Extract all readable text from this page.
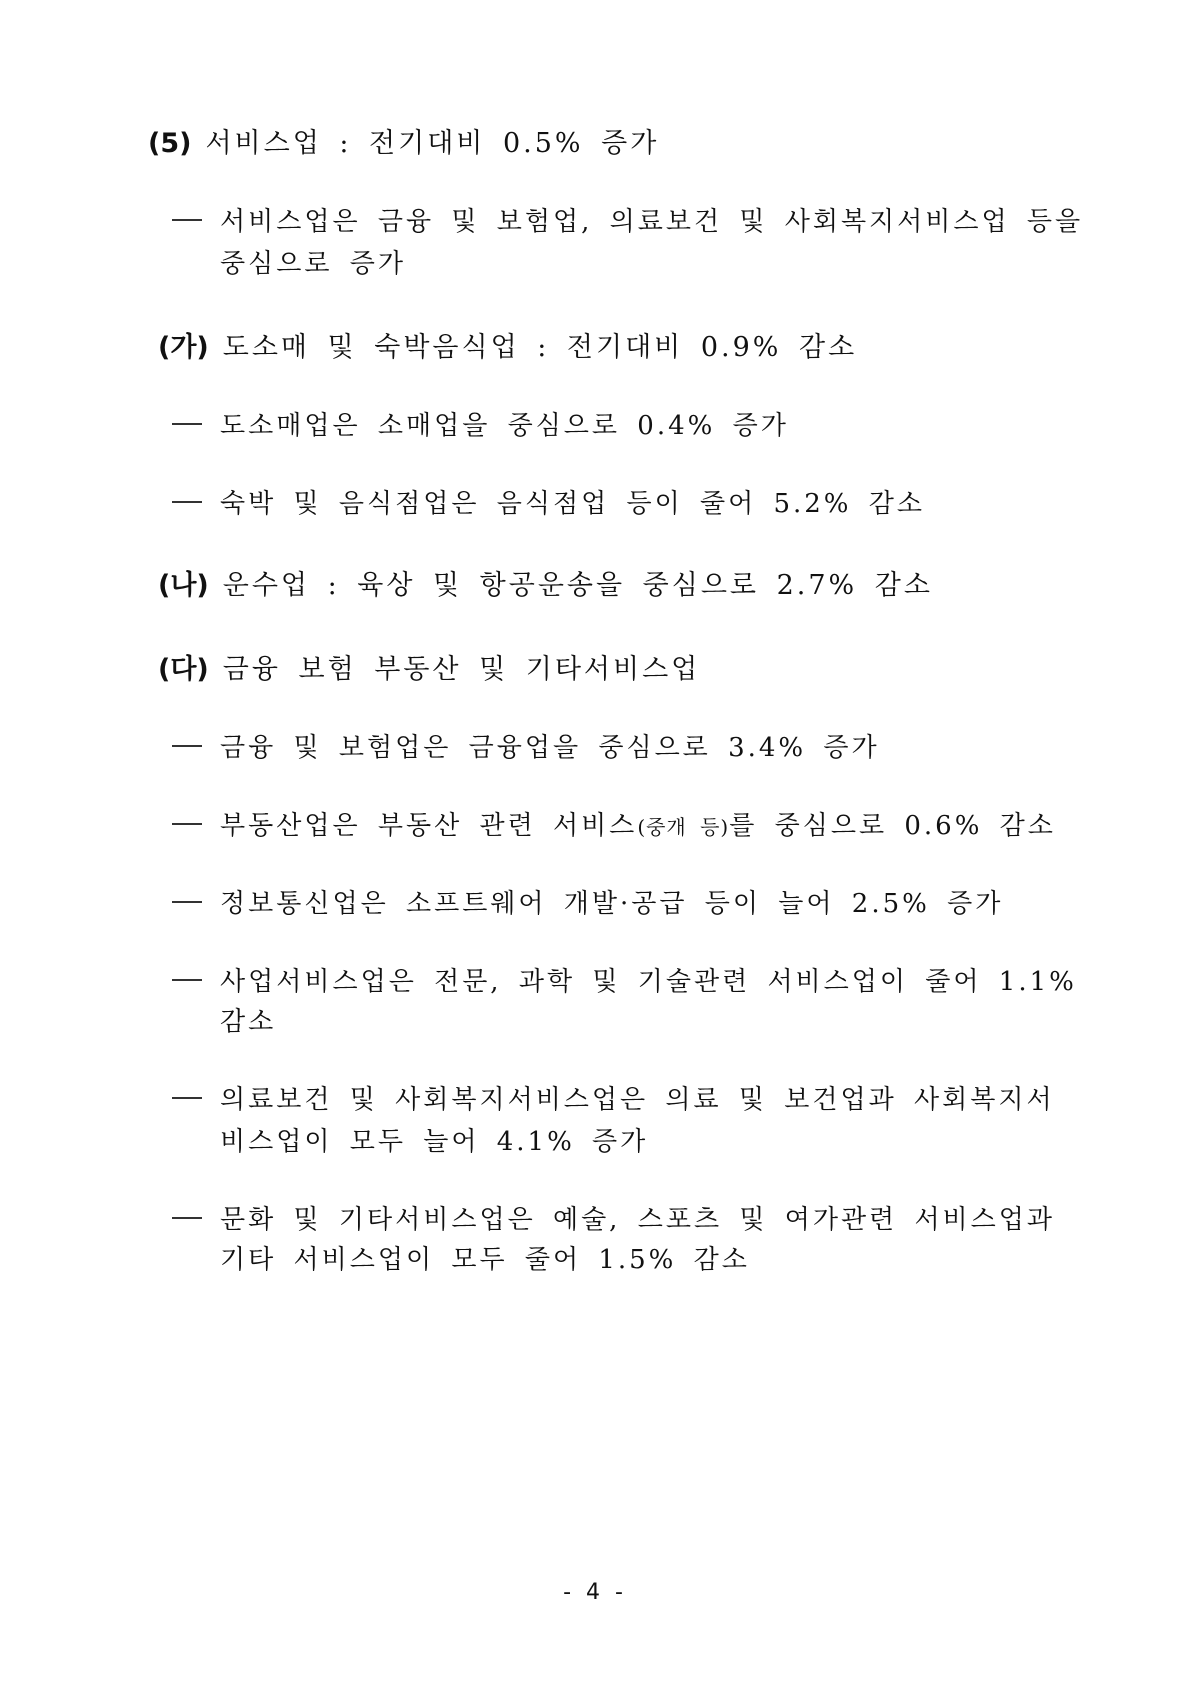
(5) 서비스업 : 전기대비 0.5% 증가
서비스업은 금융 및 보험업, 의료보건 및 사회복지서비스업 등을
중심으로 증가
(가) 도소매 및 숙박음식업 : 전기대비 0.9% 감소
도소매업은 소매업을 중심으로 0.4% 증가
숙박 및 음식점업은 음식점업 등이 줄어 5.2% 감소
(나) 운수업 : 육상 및 항공운송을 중심으로 2.7% 감소
(다) 금융 보험 부동산 및 기타서비스업
금융 및 보험업은 금융업을 중심으로 3.4% 증가
부동산업은 부동산 관련 서비스(중개 등)를 중심으로 0.6% 감소
정보통신업은 소프트웨어 개발·공급 등이 늘어 2.5% 증가
사업서비스업은 전문, 과학 및 기술관련 서비스업이 줄어 1.1%
감소
의료보건 및 사회복지서비스업은 의료 및 보건업과 사회복지서
비스업이 모두 늘어 4.1% 증가
문화 및 기타서비스업은 예술, 스포츠 및 여가관련 서비스업과
기타 서비스업이 모두 줄어 1.5% 감소
- 4 -
